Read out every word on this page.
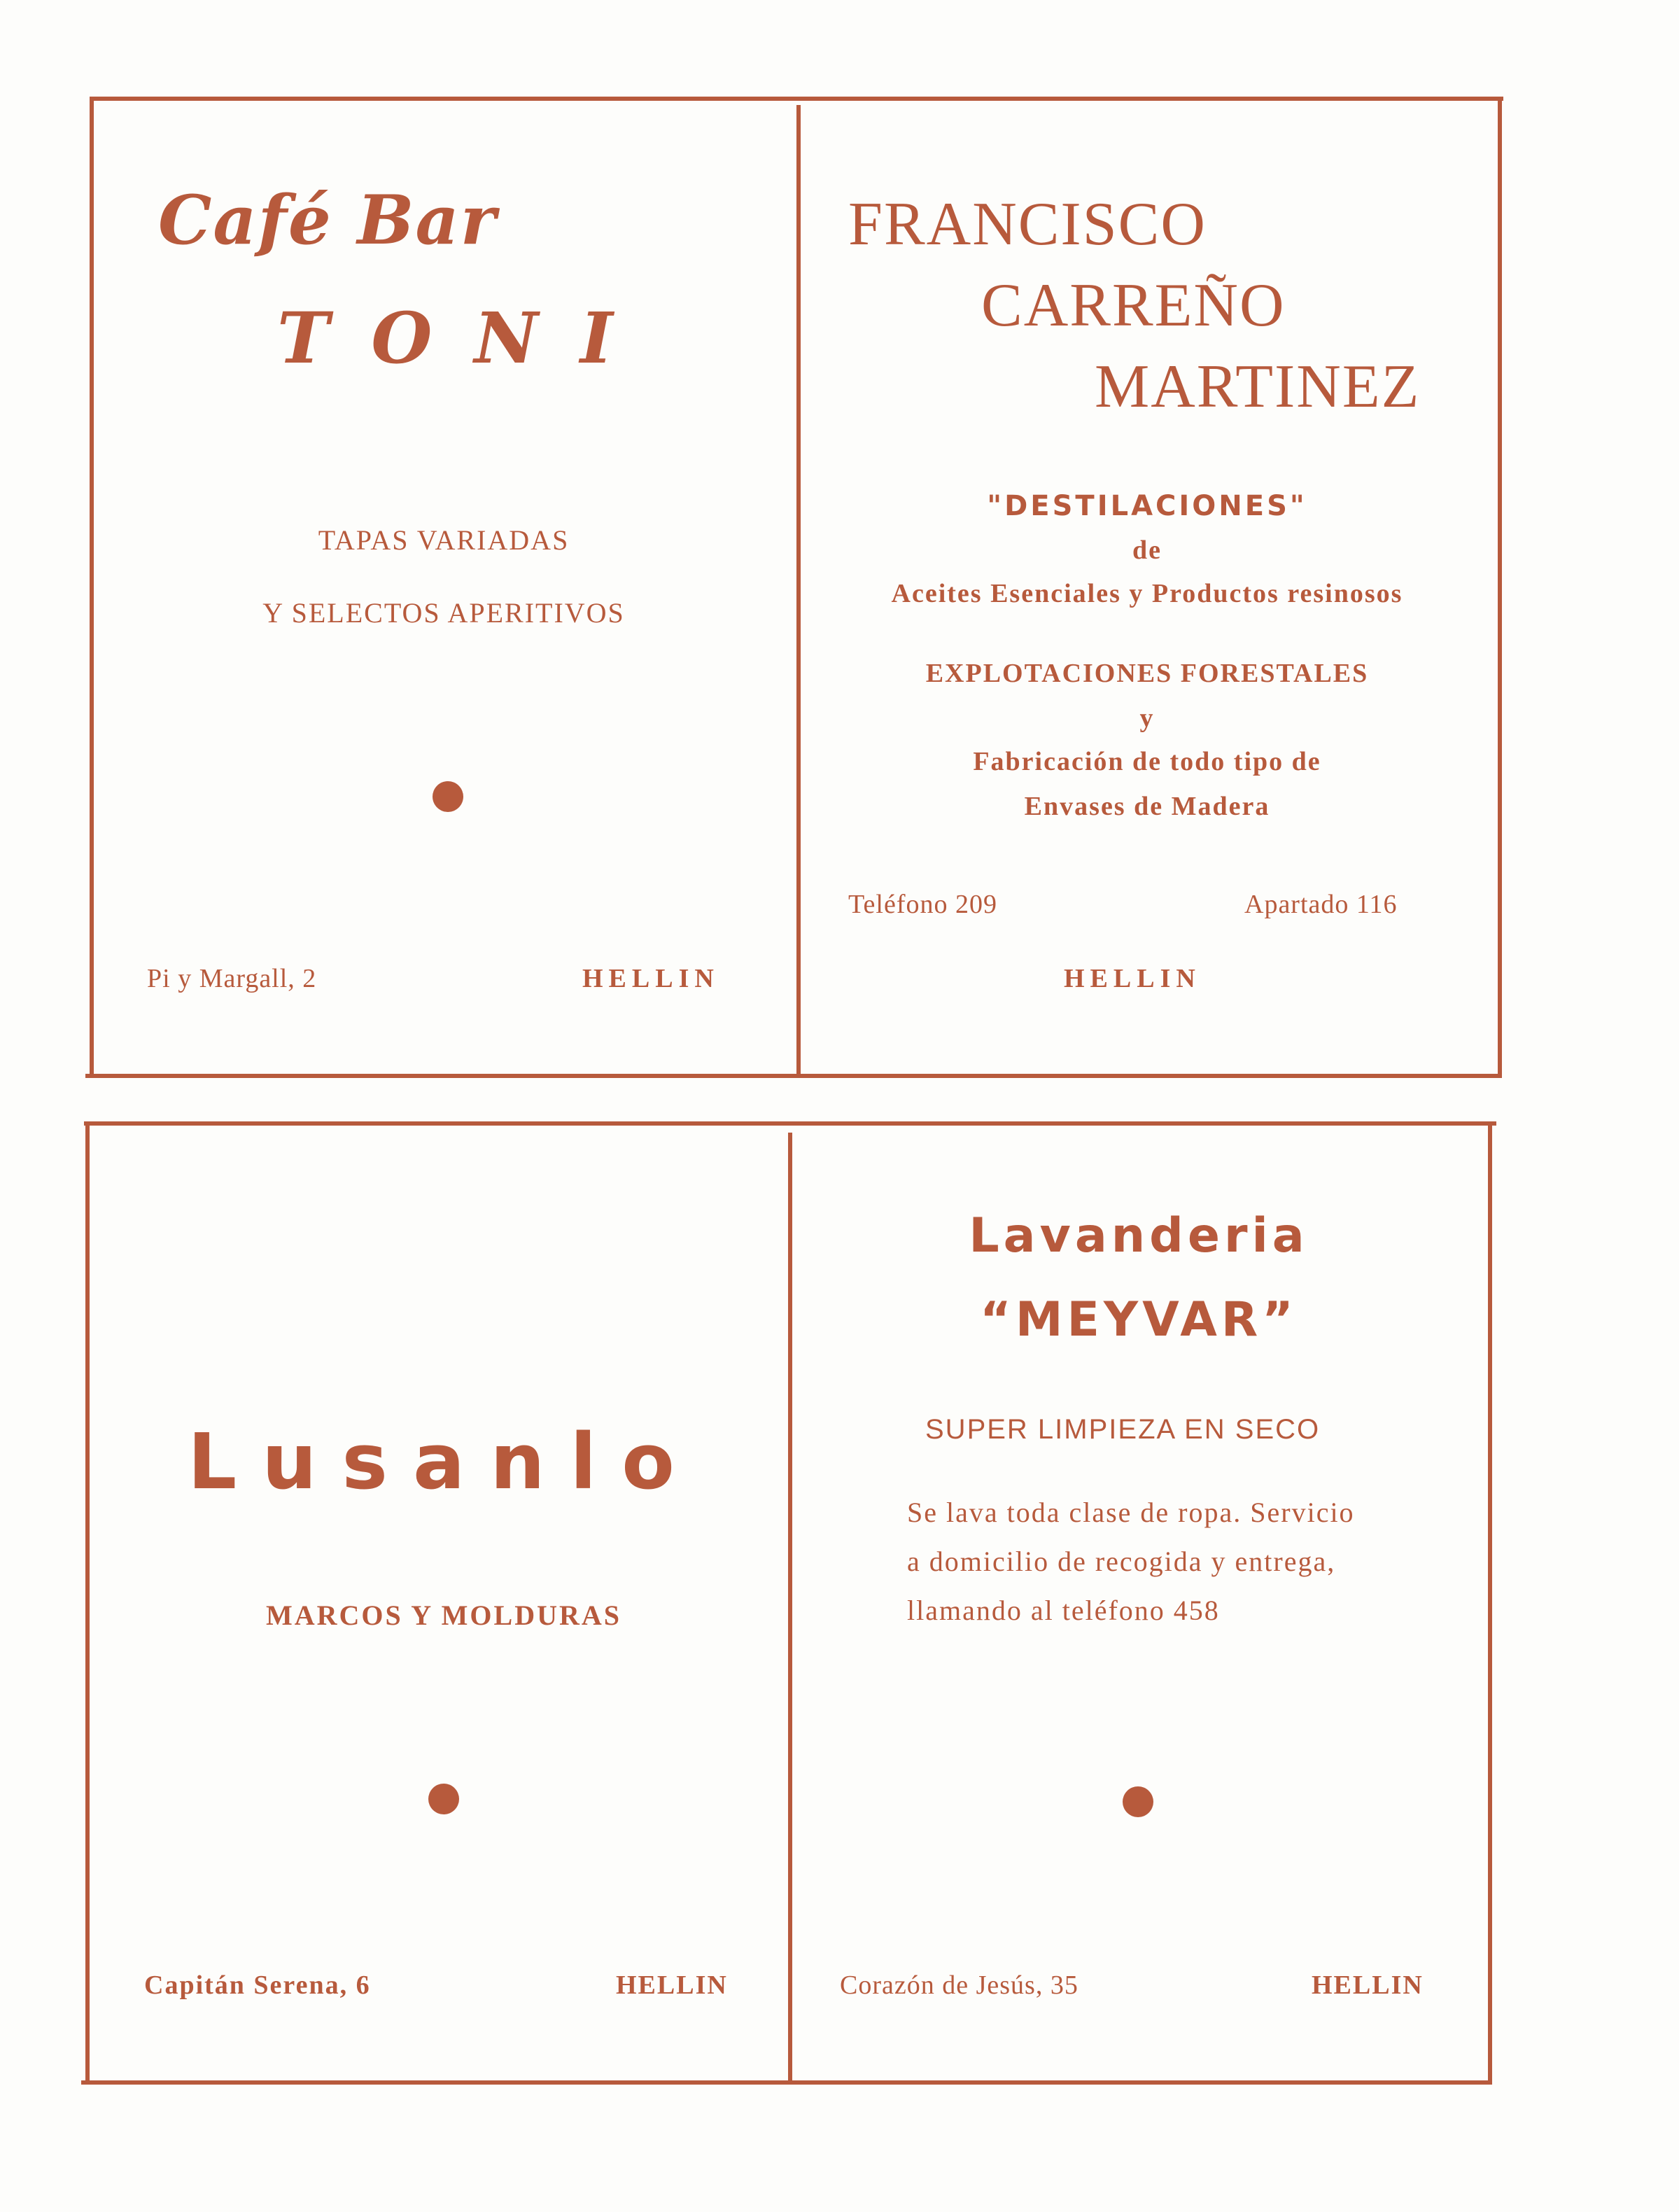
Café Bar
TONI
TAPAS VARIADAS
Y SELECTOS APERITIVOS
Pi y Margall, 2	HELLIN
FRANCISCO
CARREÑO
MARTINEZ
"DESTILACIONES"
de
Aceites Esenciales y Productos resinosos
EXPLOTACIONES FORESTALES
y
Fabricación de todo tipo de
Envases de Madera
Teléfono 209	Apartado 116
HELLIN
Lusanlo
MARCOS Y MOLDURAS
Capitán Serena, 6	HELLIN
Lavanderia
“MEYVAR”
SUPER LIMPIEZA EN SECO
Se lava toda clase de ropa. Servicio
a domicilio de recogida y entrega,
llamando al teléfono 458
Corazón de Jesús, 35	HELLIN
